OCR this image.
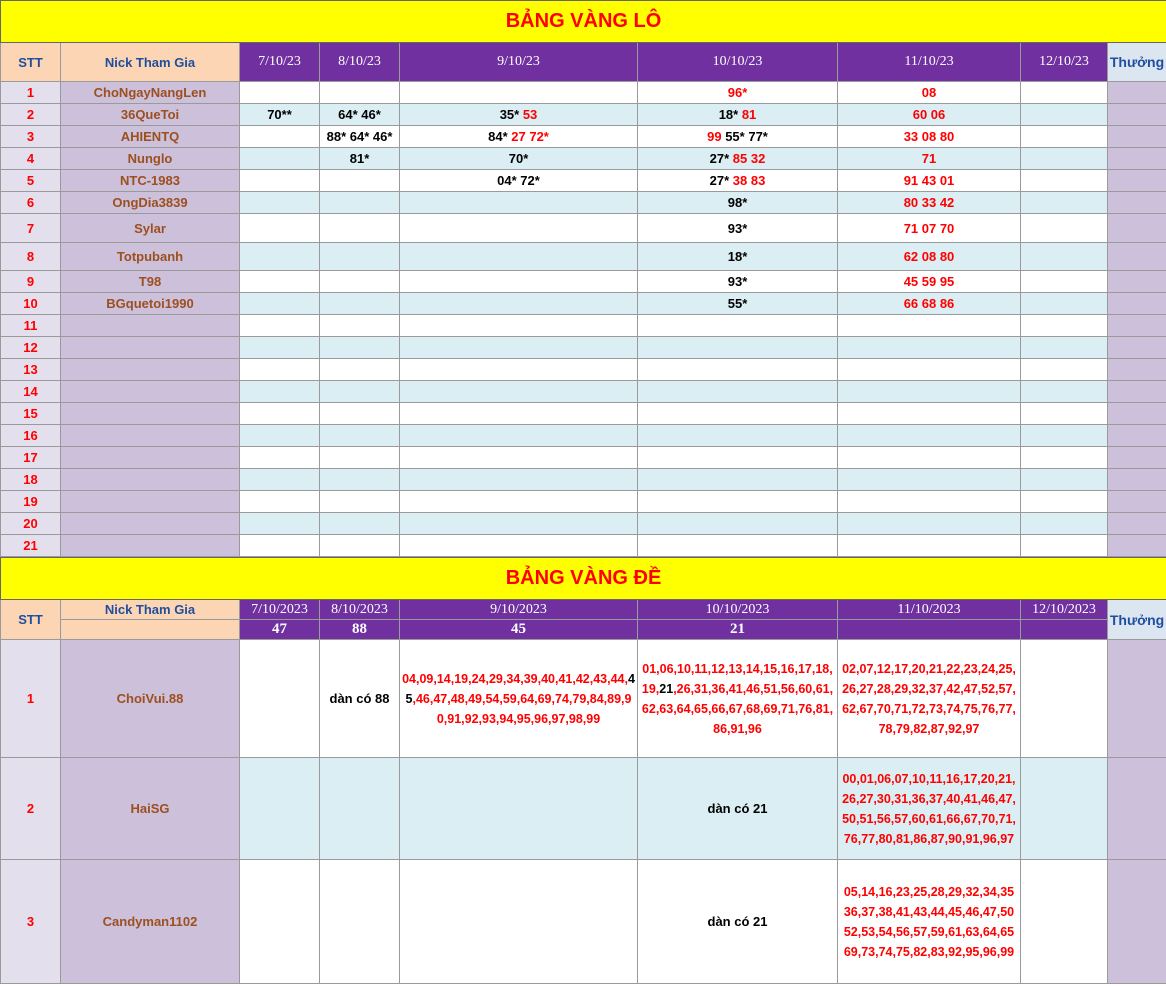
BẢNG VÀNG LÔ								
STT	Nick Tham Gia	7/10/23	8/10/23	9/10/23	10/10/23	11/10/23	12/10/23	Thưởng
1	ChoNgayNangLen				96*	08		
2	36QueToi	70**	64* 46*	35* 53	18* 81	60 06		
3	AHIENTQ		88* 64* 46*	84* 27 72*	99 55* 77*	33 08 80		
4	Nunglo		81*	70*	27* 85 32	71		
5	NTC-1983			04* 72*	27* 38 83	91 43 01		
6	OngDia3839				98*	80 33 42		
7	Sylar				93*	71 07 70		
8	Totpubanh				18*	62 08 80		
9	T98				93*	45 59 95		
10	BGquetoi1990				55*	66 68 86		
11								
12								
13								
14								
15								
16								
17								
18								
19								
20								
21								
BẢNG VÀNG ĐỀ								
STT	Nick Tham Gia	7/10/2023	8/10/2023	9/10/2023	10/10/2023	11/10/2023	12/10/2023	Thưởng
		47	88	45	21			
1	ChoiVui.88		dàn có 88	04,09,14,19,24,29,34,39,40,41,42,43,44,45,46,47,48,49,54,59,64,69,74,79,84,89,90,91,92,93,94,95,96,97,98,99	01,06,10,11,12,13,14,15,16,17,18,19,21,26,31,36,41,46,51,56,60,61,62,63,64,65,66,67,68,69,71,76,81,86,91,96	02,07,12,17,20,21,22,23,24,25,26,27,28,29,32,37,42,47,52,57,62,67,70,71,72,73,74,75,76,77,78,79,82,87,92,97		
2	HaiSG				dàn có 21	00,01,06,07,10,11,16,17,20,21,26,27,30,31,36,37,40,41,46,47,50,51,56,57,60,61,66,67,70,71,76,77,80,81,86,87,90,91,96,97		
3	Candyman1102				dàn có 21	05,14,16,23,25,28,29,32,34,35 36,37,38,41,43,44,45,46,47,50 52,53,54,56,57,59,61,63,64,65 69,73,74,75,82,83,92,95,96,99		
